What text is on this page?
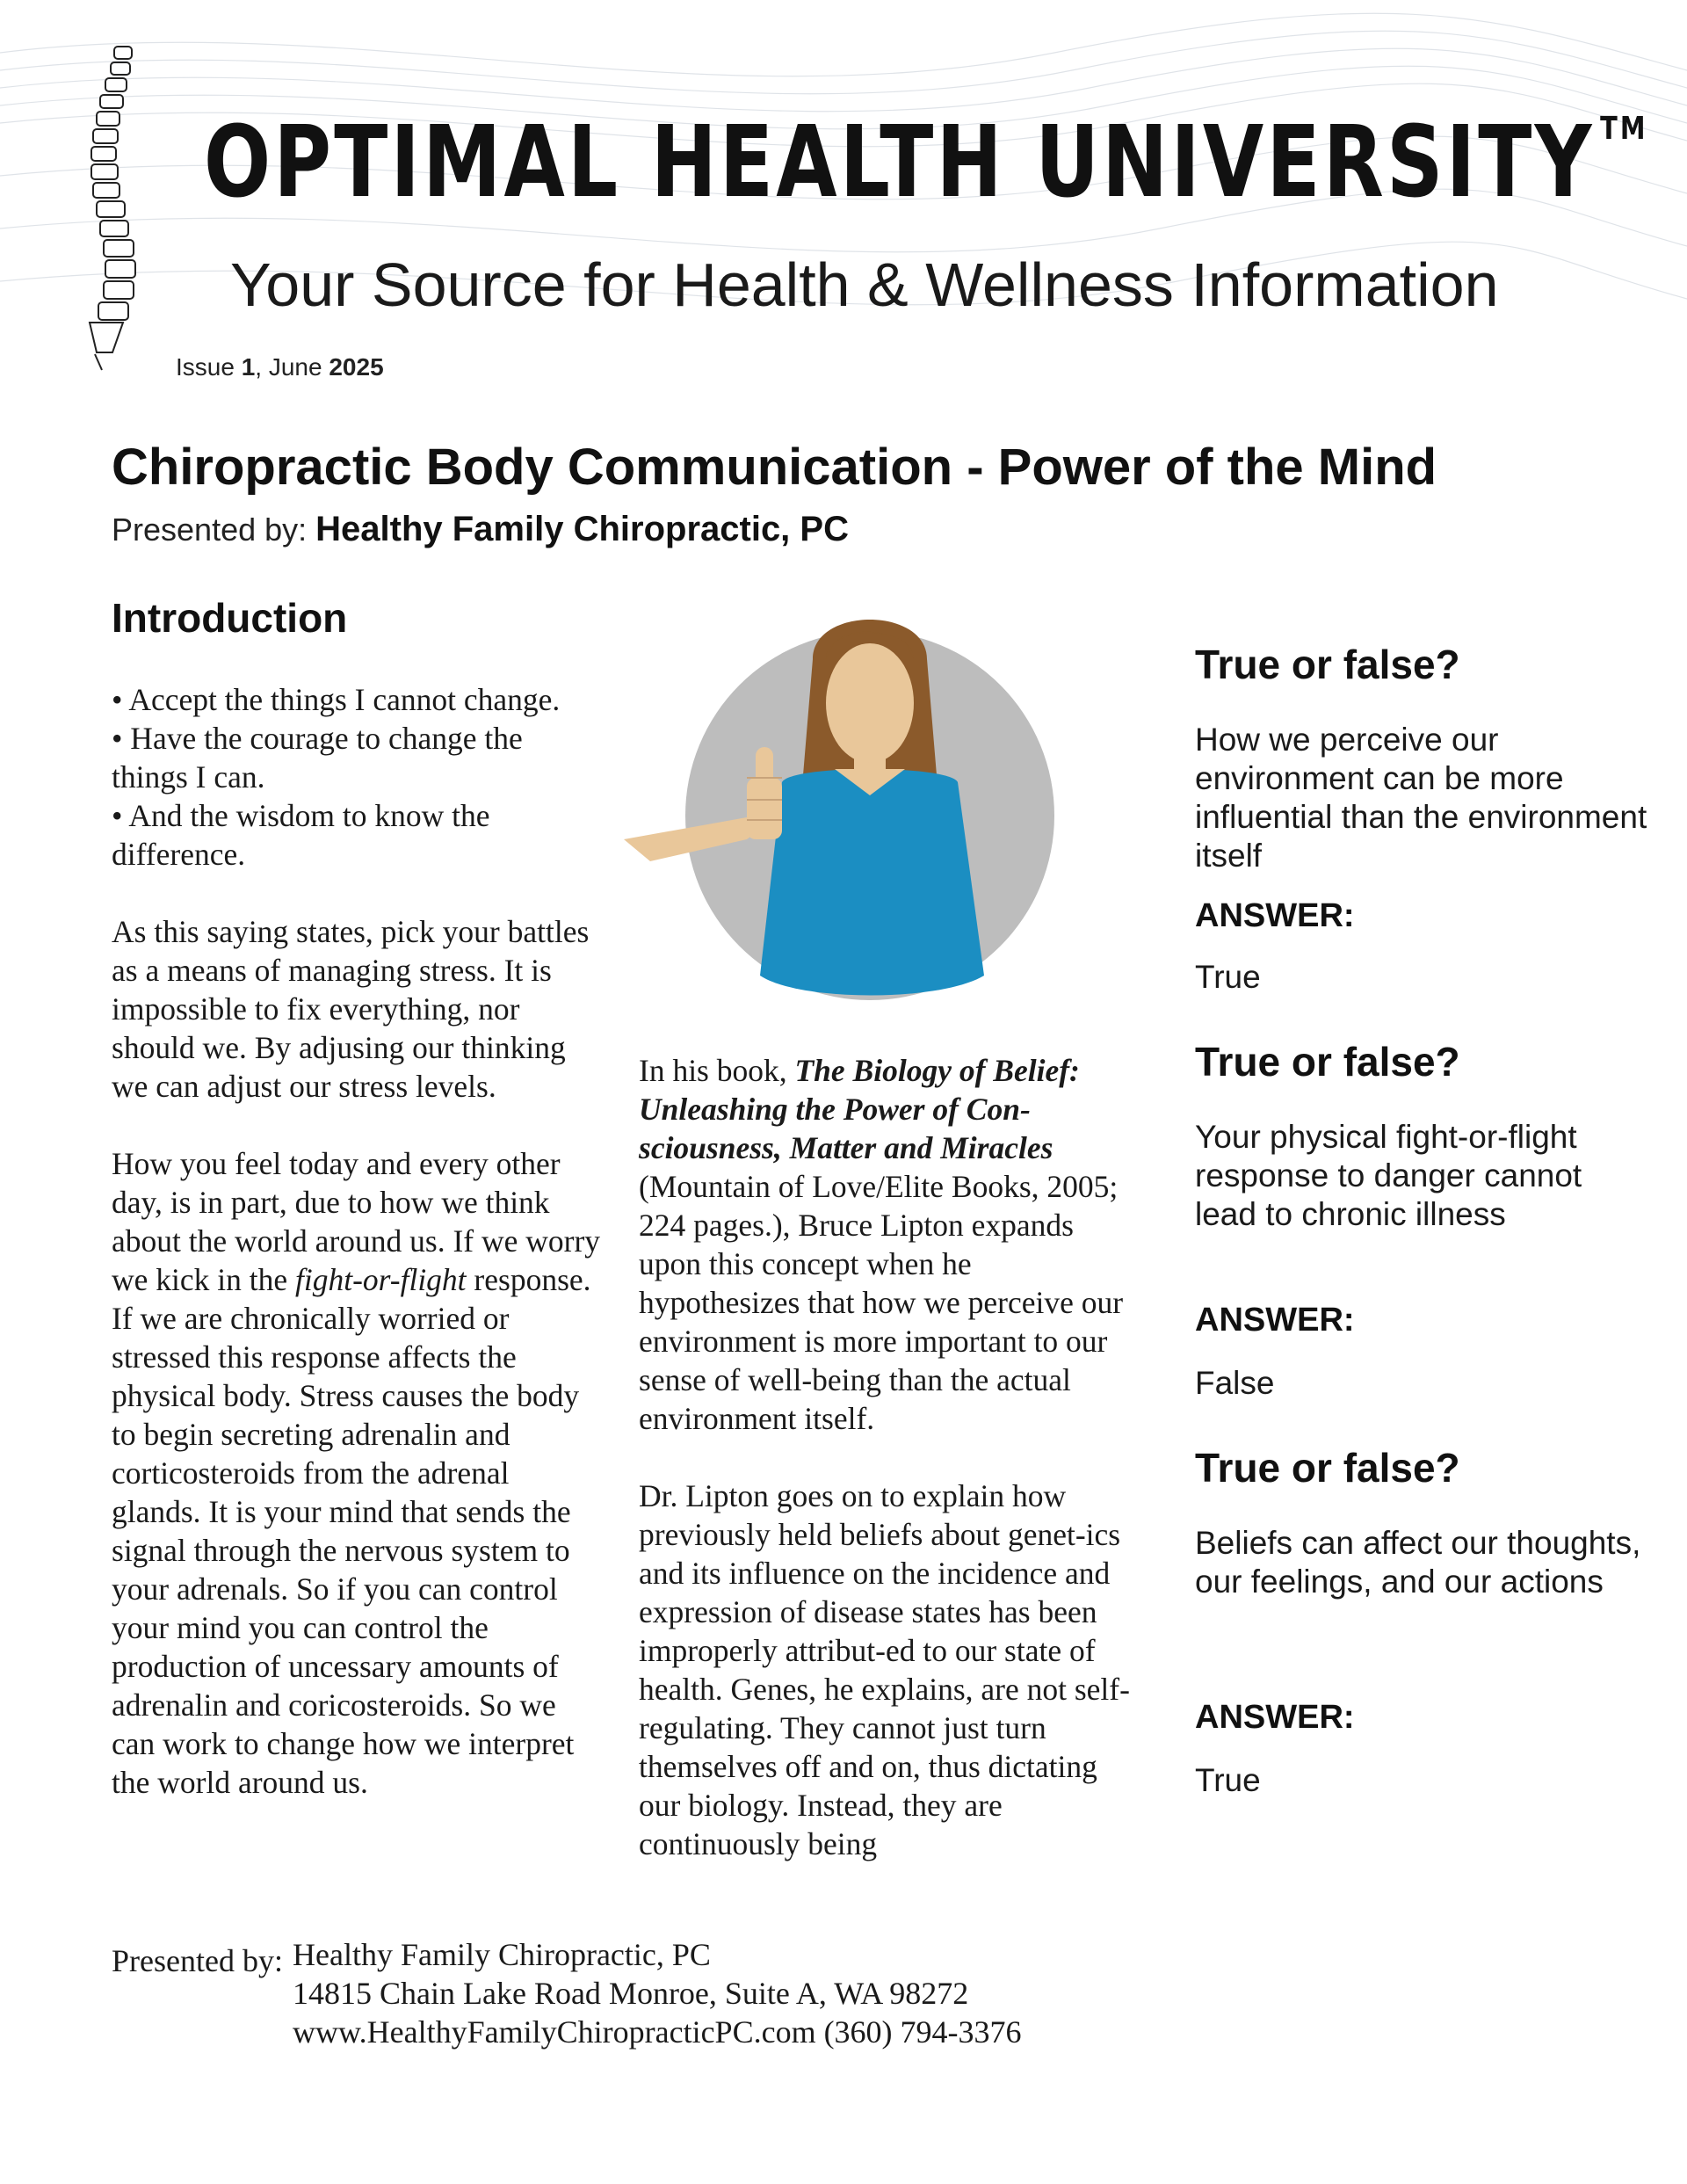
OPTIMAL HEALTH UNIVERSITY ™
Your Source for Health & Wellness Information
Issue 1, June 2025
Chiropractic Body Communication - Power of the Mind
Presented by: Healthy Family Chiropractic, PC
Introduction

• Accept the things I cannot change.
• Have the courage to change the things I can.
• And the wisdom to know the difference.

As this saying states, pick your battles as a means of managing stress. It is impossible to fix everything, nor should we. By adjusing our thinking we can adjust our stress levels.

How you feel today and every other day, is in part, due to how we think about the world around us. If we worry we kick in the fight-or-flight response. If we are chronically worried or stressed this response affects the physical body. Stress causes the body to begin secreting adrenalin and corticosteroids from the adrenal glands. It is your mind that sends the signal through the nervous system to your adrenals. So if you can control your mind you can control the production of uncessary amounts of adrenalin and coricosteroids. So we can work to change how we interpret the world around us.

In his book, The Biology of Belief: Unleashing the Power of Con-sciousness, Matter and Miracles (Mountain of Love/Elite Books, 2005; 224 pages.), Bruce Lipton expands upon this concept when he hypothesizes that how we perceive our environment is more important to our sense of well-being than the actual environment itself.

Dr. Lipton goes on to explain how previously held beliefs about genet-ics and its influence on the incidence and expression of disease states has been improperly attribut-ed to our state of health. Genes, he explains, are not self-regulating. They cannot just turn themselves off and on, thus dictating our biology. Instead, they are continuously being

True or false?
How we perceive our environment can be more influential than the environment itself
ANSWER:
True
True or false?
Your physical fight-or-flight response to danger cannot lead to chronic illness
ANSWER:
False
True or false?
Beliefs can affect our thoughts, our feelings, and our actions
ANSWER:
True
Presented by: Healthy Family Chiropractic, PC
14815 Chain Lake Road Monroe, Suite A, WA 98272
www.HealthyFamilyChiropracticPC.com (360) 794-3376
